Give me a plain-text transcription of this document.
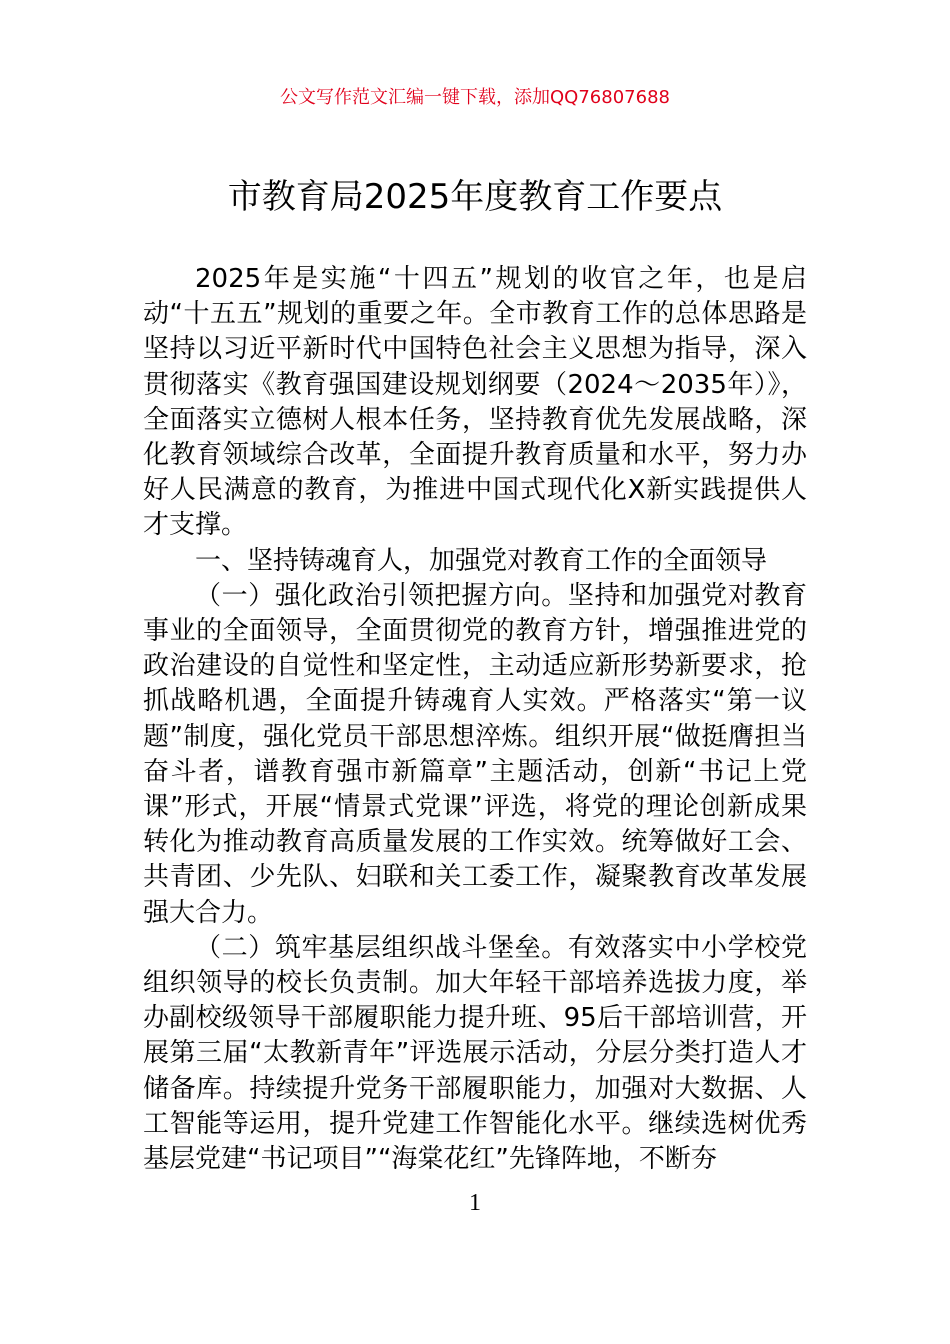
公文写作范文汇编一键下载，添加QQ76807688
市教育局2025年度教育工作要点

2025年是实施“十四五”规划的收官之年，也是启动“十五五”规划的重要之年。全市教育工作的总体思路是坚持以习近平新时代中国特色社会主义思想为指导，深入贯彻落实《教育强国建设规划纲要（2024～2035年）》，全面落实立德树人根本任务，坚持教育优先发展战略，深化教育领域综合改革，全面提升教育质量和水平，努力办好人民满意的教育，为推进中国式现代化X新实践提供人才支撑。

一、坚持铸魂育人，加强党对教育工作的全面领导

（一）强化政治引领把握方向。坚持和加强党对教育事业的全面领导，全面贯彻党的教育方针，增强推进党的政治建设的自觉性和坚定性，主动适应新形势新要求，抢抓战略机遇，全面提升铸魂育人实效。严格落实“第一议题”制度，强化党员干部思想淬炼。组织开展“做挺膺担当奋斗者，谱教育强市新篇章”主题活动，创新“书记上党课”形式，开展“情景式党课”评选，将党的理论创新成果转化为推动教育高质量发展的工作实效。统筹做好工会、共青团、少先队、妇联和关工委工作，凝聚教育改革发展强大合力。

（二）筑牢基层组织战斗堡垒。有效落实中小学校党组织领导的校长负责制。加大年轻干部培养选拔力度，举办副校级领导干部履职能力提升班、95后干部培训营，开展第三届“太教新青年”评选展示活动，分层分类打造人才储备库。持续提升党务干部履职能力，加强对大数据、人工智能等运用，提升党建工作智能化水平。继续选树优秀基层党建“书记项目”“海棠花红”先锋阵地，不断夯

1
